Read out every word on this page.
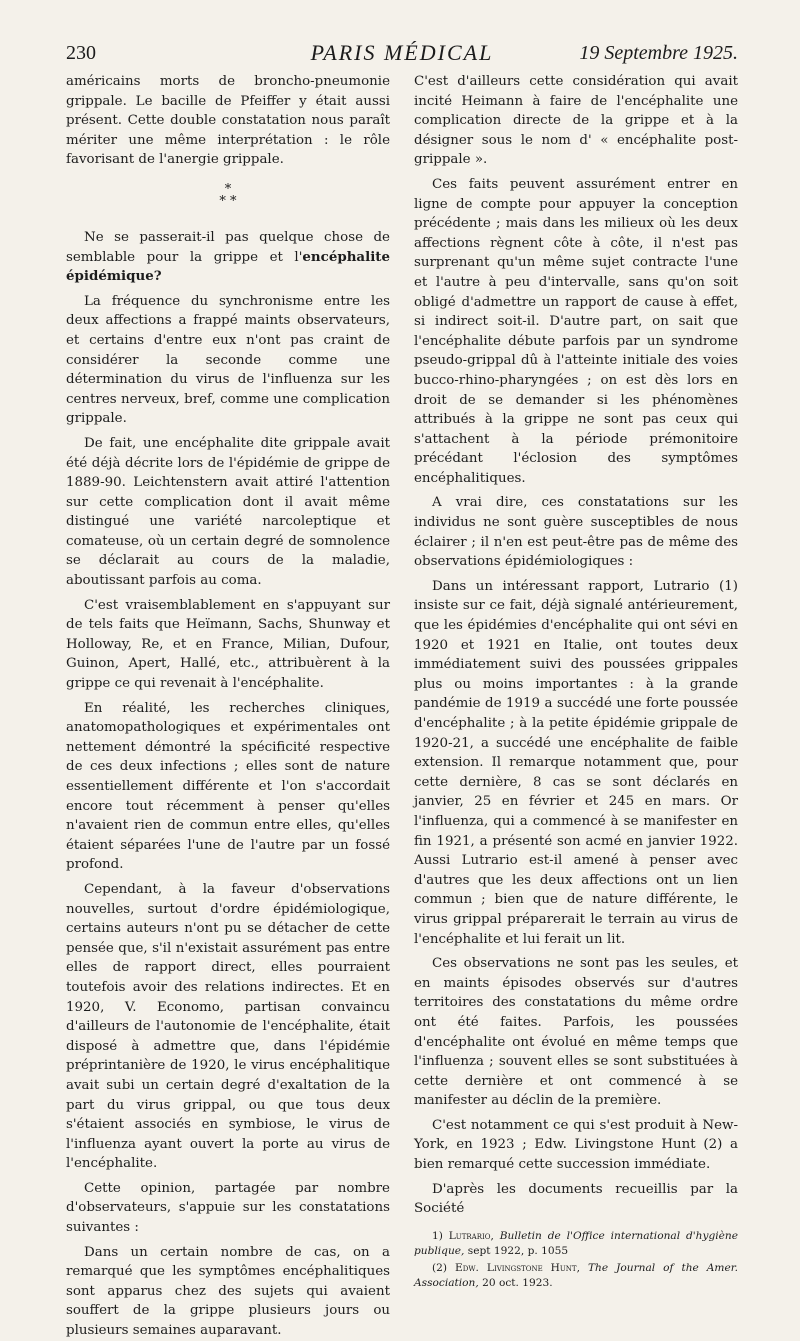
230	PARIS MÉDICAL	19 Septembre 1925.

américains morts de broncho-pneumonie grippale. Le bacille de Pfeiffer y était aussi présent. Cette double constatation nous paraît mériter une même interprétation : le rôle favorisant de l'anergie grippale.

*
* *

Ne se passerait-il pas quelque chose de semblable pour la grippe et l'encéphalite épidémique?

La fréquence du synchronisme entre les deux affections a frappé maints observateurs, et certains d'entre eux n'ont pas craint de considérer la seconde comme une détermination du virus de l'influenza sur les centres nerveux, bref, comme une complication grippale.

De fait, une encéphalite dite grippale avait été déjà décrite lors de l'épidémie de grippe de 1889-90. Leichtenstern avait attiré l'attention sur cette complication dont il avait même distingué une variété narcoleptique et comateuse, où un certain degré de somnolence se déclarait au cours de la maladie, aboutissant parfois au coma.

C'est vraisemblablement en s'appuyant sur de tels faits que Heïmann, Sachs, Shunway et Holloway, Re, et en France, Milian, Dufour, Guinon, Apert, Hallé, etc., attribuèrent à la grippe ce qui revenait à l'encéphalite.

En réalité, les recherches cliniques, anatomopathologiques et expérimentales ont nettement démontré la spécificité respective de ces deux infections ; elles sont de nature essentiellement différente et l'on s'accordait encore tout récemment à penser qu'elles n'avaient rien de commun entre elles, qu'elles étaient séparées l'une de l'autre par un fossé profond.

Cependant, à la faveur d'observations nouvelles, surtout d'ordre épidémiologique, certains auteurs n'ont pu se détacher de cette pensée que, s'il n'existait assurément pas entre elles de rapport direct, elles pourraient toutefois avoir des relations indirectes. Et en 1920, V. Economo, partisan convaincu d'ailleurs de l'autonomie de l'encéphalite, était disposé à admettre que, dans l'épidémie préprintanière de 1920, le virus encéphalitique avait subi un certain degré d'exaltation de la part du virus grippal, ou que tous deux s'étaient associés en symbiose, le virus de l'influenza ayant ouvert la porte au virus de l'encéphalite.

Cette opinion, partagée par nombre d'observateurs, s'appuie sur les constatations suivantes :

Dans un certain nombre de cas, on a remarqué que les symptômes encéphalitiques sont apparus chez des sujets qui avaient souffert de la grippe plusieurs jours ou plusieurs semaines auparavant.

C'est d'ailleurs cette considération qui avait incité Heimann à faire de l'encéphalite une complication directe de la grippe et à la désigner sous le nom d' « encéphalite post-grippale ».

Ces faits peuvent assurément entrer en ligne de compte pour appuyer la conception précédente ; mais dans les milieux où les deux affections règnent côte à côte, il n'est pas surprenant qu'un même sujet contracte l'une et l'autre à peu d'intervalle, sans qu'on soit obligé d'admettre un rapport de cause à effet, si indirect soit-il. D'autre part, on sait que l'encéphalite débute parfois par un syndrome pseudo-grippal dû à l'atteinte initiale des voies bucco-rhino-pharyngées ; on est dès lors en droit de se demander si les phénomènes attribués à la grippe ne sont pas ceux qui s'attachent à la période prémonitoire précédant l'éclosion des symptômes encéphalitiques.

A vrai dire, ces constatations sur les individus ne sont guère susceptibles de nous éclairer ; il n'en est peut-être pas de même des observations épidémiologiques :

Dans un intéressant rapport, Lutrario (1) insiste sur ce fait, déjà signalé antérieurement, que les épidémies d'encéphalite qui ont sévi en 1920 et 1921 en Italie, ont toutes deux immédiatement suivi des poussées grippales plus ou moins importantes : à la grande pandémie de 1919 a succédé une forte poussée d'encéphalite ; à la petite épidémie grippale de 1920-21, a succédé une encéphalite de faible extension. Il remarque notamment que, pour cette dernière, 8 cas se sont déclarés en janvier, 25 en février et 245 en mars. Or l'influenza, qui a commencé à se manifester en fin 1921, a présenté son acmé en janvier 1922. Aussi Lutrario est-il amené à penser avec d'autres que les deux affections ont un lien commun ; bien que de nature différente, le virus grippal préparerait le terrain au virus de l'encéphalite et lui ferait un lit.

Ces observations ne sont pas les seules, et en maints épisodes observés sur d'autres territoires des constatations du même ordre ont été faites. Parfois, les poussées d'encéphalite ont évolué en même temps que l'influenza ; souvent elles se sont substituées à cette dernière et ont commencé à se manifester au déclin de la première.

C'est notamment ce qui s'est produit à New-York, en 1923 ; Edw. Livingstone Hunt (2) a bien remarqué cette succession immédiate.

D'après les documents recueillis par la Société

1) Lutrario, Bulletin de l'Office international d'hygiène publique, sept 1922, p. 1055

(2) Edw. Livingstone Hunt, The Journal of the Amer. Association, 20 oct. 1923.
